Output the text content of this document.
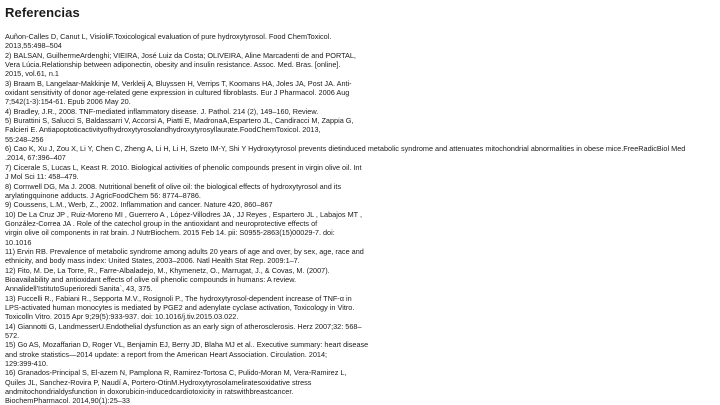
Referencias
Auñon-Calles D, Canut L, VisioliF.Toxicological evaluation of pure hydroxytyrosol. Food ChemToxicol.
2013,55:498–504
2) BALSAN, GuilhermeArdenghi; VIEIRA, José Luiz da Costa; OLIVEIRA, Aline Marcadenti de and PORTAL,
Vera Lúcia.Relationship between adiponectin, obesity and insulin resistance. Assoc. Med. Bras. [online].
2015, vol.61, n.1
3) Braam B, Langelaar-Makkinje M, Verkleij A, Bluyssen H, Verrips T, Koomans HA, Joles JA, Post JA. Anti-
oxidant sensitivity of donor age-related gene expression in cultured fibroblasts. Eur J Pharmacol. 2006 Aug
7;542(1-3):154-61. Epub 2006 May 20.
4) Bradley, J.R., 2008. TNF-mediated inflammatory disease. J. Pathol. 214 (2), 149–160, Review.
5) Burattini S, Salucci S, Baldassarri V, Accorsi A, Piatti E, MadronaA,Espartero JL, Candiracci M, Zappia G,
Falcieri E. Antiapoptoticactivityofhydroxytyrosolandhydroxytyrosyllaurate.FoodChemToxicol. 2013,
55:248–256
6) Cao K, Xu J, Zou X, Li Y, Chen C, Zheng A, Li H, Li H, Szeto IM-Y, Shi Y Hydroxytyrosol prevents dietinduced metabolic syndrome and attenuates mitochondrial abnormalities in obese mice.FreeRadicBiol Med
.2014, 67:396–407
7) Cicerale S, Lucas L, Keast R. 2010. Biological activities of phenolic compounds present in virgin olive oil. Int
J Mol Sci 11: 458–479.
8) Cornwell DG, Ma J. 2008. Nutritional benefit of olive oil: the biological effects of hydroxytyrosol and its
arylatingquinone adducts. J AgricFoodChem 56: 8774–8786.
9) Coussens, L.M., Werb, Z., 2002. Inflammation and cancer. Nature 420, 860–867
10) De La Cruz JP , Ruiz-Moreno MI , Guerrero A , López-Villodres JA , JJ Reyes , Espartero JL , Labajos MT ,
González-Correa JA . Role of the catechol group in the antioxidant and neuroprotective effects of
virgin olive oil components in rat brain. J NutrBiochem. 2015 Feb 14. pii: S0955-2863(15)00029-7. doi:
10.1016
11) Ervin RB. Prevalence of metabolic syndrome among adults 20 years of age and over, by sex, age, race and
ethnicity, and body mass index: United States, 2003–2006. Natl Health Stat Rep. 2009:1–7.
12) Fito, M. De, La Torre, R., Farre-Albaladejo, M., Khymenetz, O., Marrugat, J., & Covas, M. (2007).
Bioavailability and antioxidant effects of olive oil phenolic compounds in humans: A review.
Annalidell'IstitutoSuperioredi Sanita`, 43, 375.
13) Fuccelli R., Fabiani R., Sepporta M.V., Rosignoli P., The hydroxytyrosol-dependent increase of TNF-α in
LPS-activated human monocytes is mediated by PGE2 and adenylate cyclase activation, Toxicology in Vitro.
Toxicolln Vitro. 2015 Apr 9;29(5):933-937. doi: 10.1016/j.tiv.2015.03.022.
14) Giannotti G, LandmesserU.Endothelial dysfunction as an early sign of atherosclerosis. Herz 2007;32: 568–
572.
15) Go AS, Mozaffarian D, Roger VL, Benjamin EJ, Berry JD, Blaha MJ et al.. Executive summary: heart disease
and stroke statistics—2014 update: a report from the American Heart Association. Circulation. 2014;
129:399-410.
16) Granados-Principal S, El-azem N, Pamplona R, Ramirez-Tortosa C, Pulido-Moran M, Vera-Ramirez L,
Quiles JL, Sanchez-Rovira P, Naudí A, Portero-OtinM.Hydroxytyrosolameliratesoxidative stress
andmitochondrialdysfunction in doxorubicin-inducedcardiotoxicity in ratswithbreastcancer.
BiochemPharmacol. 2014,90(1):25–33
